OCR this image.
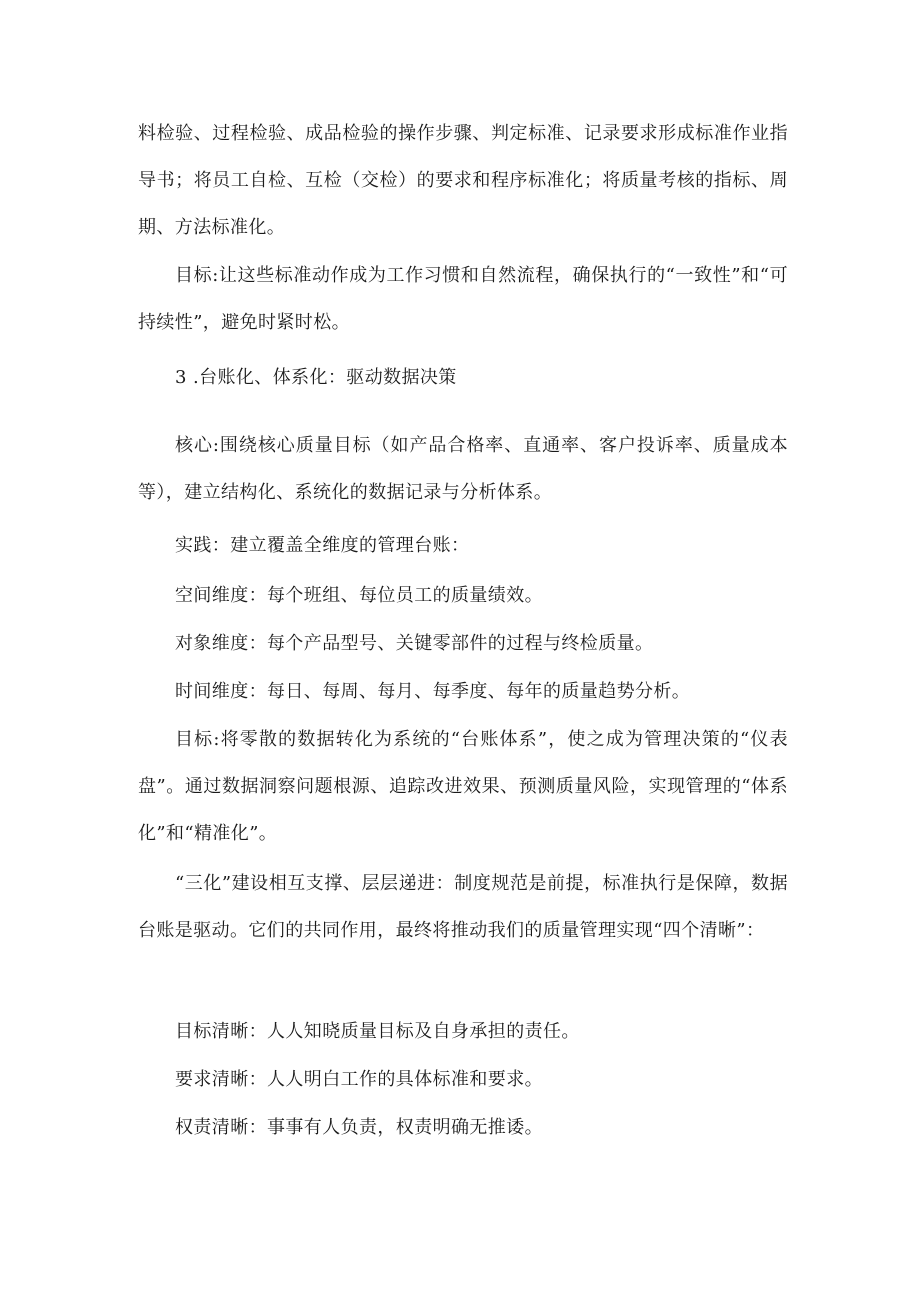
料检验、过程检验、成品检验的操作步骤、判定标准、记录要求形成标准作业指导书；将员工自检、互检（交检）的要求和程序标准化；将质量考核的指标、周期、方法标准化。

目标:让这些标准动作成为工作习惯和自然流程，确保执行的“一致性”和“可持续性”，避免时紧时松。

3 .台账化、体系化：驱动数据决策

核心:围绕核心质量目标（如产品合格率、直通率、客户投诉率、质量成本等），建立结构化、系统化的数据记录与分析体系。

实践：建立覆盖全维度的管理台账：

空间维度：每个班组、每位员工的质量绩效。

对象维度：每个产品型号、关键零部件的过程与终检质量。

时间维度：每日、每周、每月、每季度、每年的质量趋势分析。

目标:将零散的数据转化为系统的“台账体系”，使之成为管理决策的“仪表盘”。通过数据洞察问题根源、追踪改进效果、预测质量风险，实现管理的“体系化”和“精准化”。

“三化”建设相互支撑、层层递进：制度规范是前提，标准执行是保障，数据台账是驱动。它们的共同作用，最终将推动我们的质量管理实现“四个清晰”：

目标清晰：人人知晓质量目标及自身承担的责任。

要求清晰：人人明白工作的具体标准和要求。

权责清晰：事事有人负责，权责明确无推诿。
